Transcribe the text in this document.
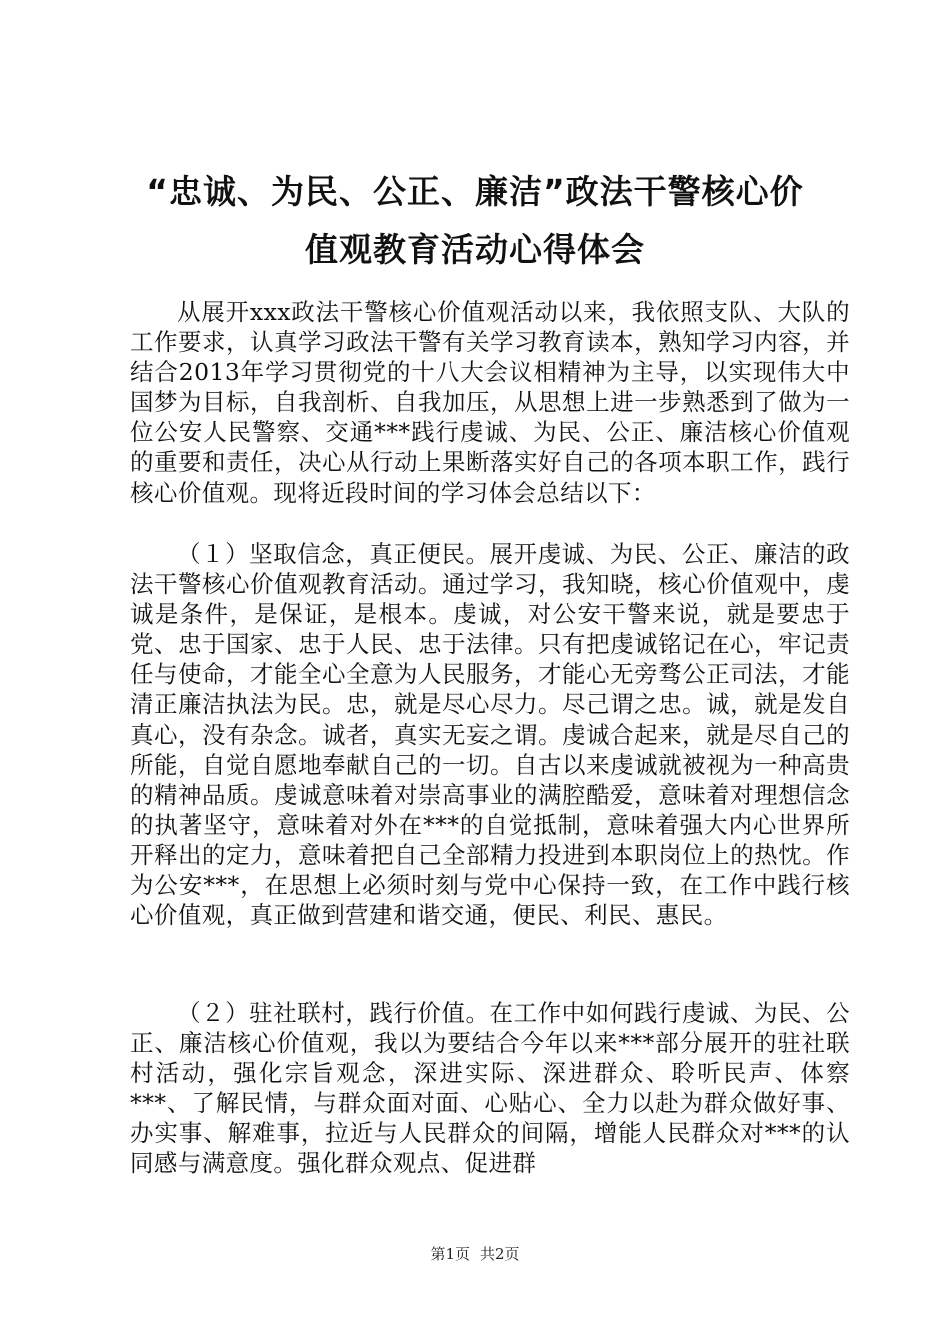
“忠诚、为民、公正、廉洁”政法干警核心价
值观教育活动心得体会

从展开xxx政法干警核心价值观活动以来，我依照支队、大队的工作要求，认真学习政法干警有关学习教育读本，熟知学习内容，并结合2013年学习贯彻党的十八大会议相精神为主导，以实现伟大中国梦为目标，自我剖析、自我加压，从思想上进一步熟悉到了做为一位公安人民警察、交通***践行虔诚、为民、公正、廉洁核心价值观的重要和责任，决心从行动上果断落实好自己的各项本职工作，践行核心价值观。现将近段时间的学习体会总结以下：

（１）坚取信念，真正便民。展开虔诚、为民、公正、廉洁的政法干警核心价值观教育活动。通过学习，我知晓，核心价值观中，虔诚是条件，是保证，是根本。虔诚，对公安干警来说，就是要忠于党、忠于国家、忠于人民、忠于法律。只有把虔诚铭记在心，牢记责任与使命，才能全心全意为人民服务，才能心无旁骛公正司法，才能清正廉洁执法为民。忠，就是尽心尽力。尽己谓之忠。诚，就是发自真心，没有杂念。诚者，真实无妄之谓。虔诚合起来，就是尽自己的所能，自觉自愿地奉献自己的一切。自古以来虔诚就被视为一种高贵的精神品质。虔诚意味着对崇高事业的满腔酷爱，意味着对理想信念的执著坚守，意味着对外在***的自觉抵制，意味着强大内心世界所开释出的定力，意味着把自己全部精力投进到本职岗位上的热忱。作为公安***，在思想上必须时刻与党中心保持一致，在工作中践行核心价值观，真正做到营建和谐交通，便民、利民、惠民。

（２）驻社联村，践行价值。在工作中如何践行虔诚、为民、公正、廉洁核心价值观，我以为要结合今年以来***部分展开的驻社联村活动，强化宗旨观念，深进实际、深进群众、聆听民声、体察***、了解民情，与群众面对面、心贴心、全力以赴为群众做好事、办实事、解难事，拉近与人民群众的间隔，增能人民群众对***的认同感与满意度。强化群众观点、促进群

第1页 共2页
